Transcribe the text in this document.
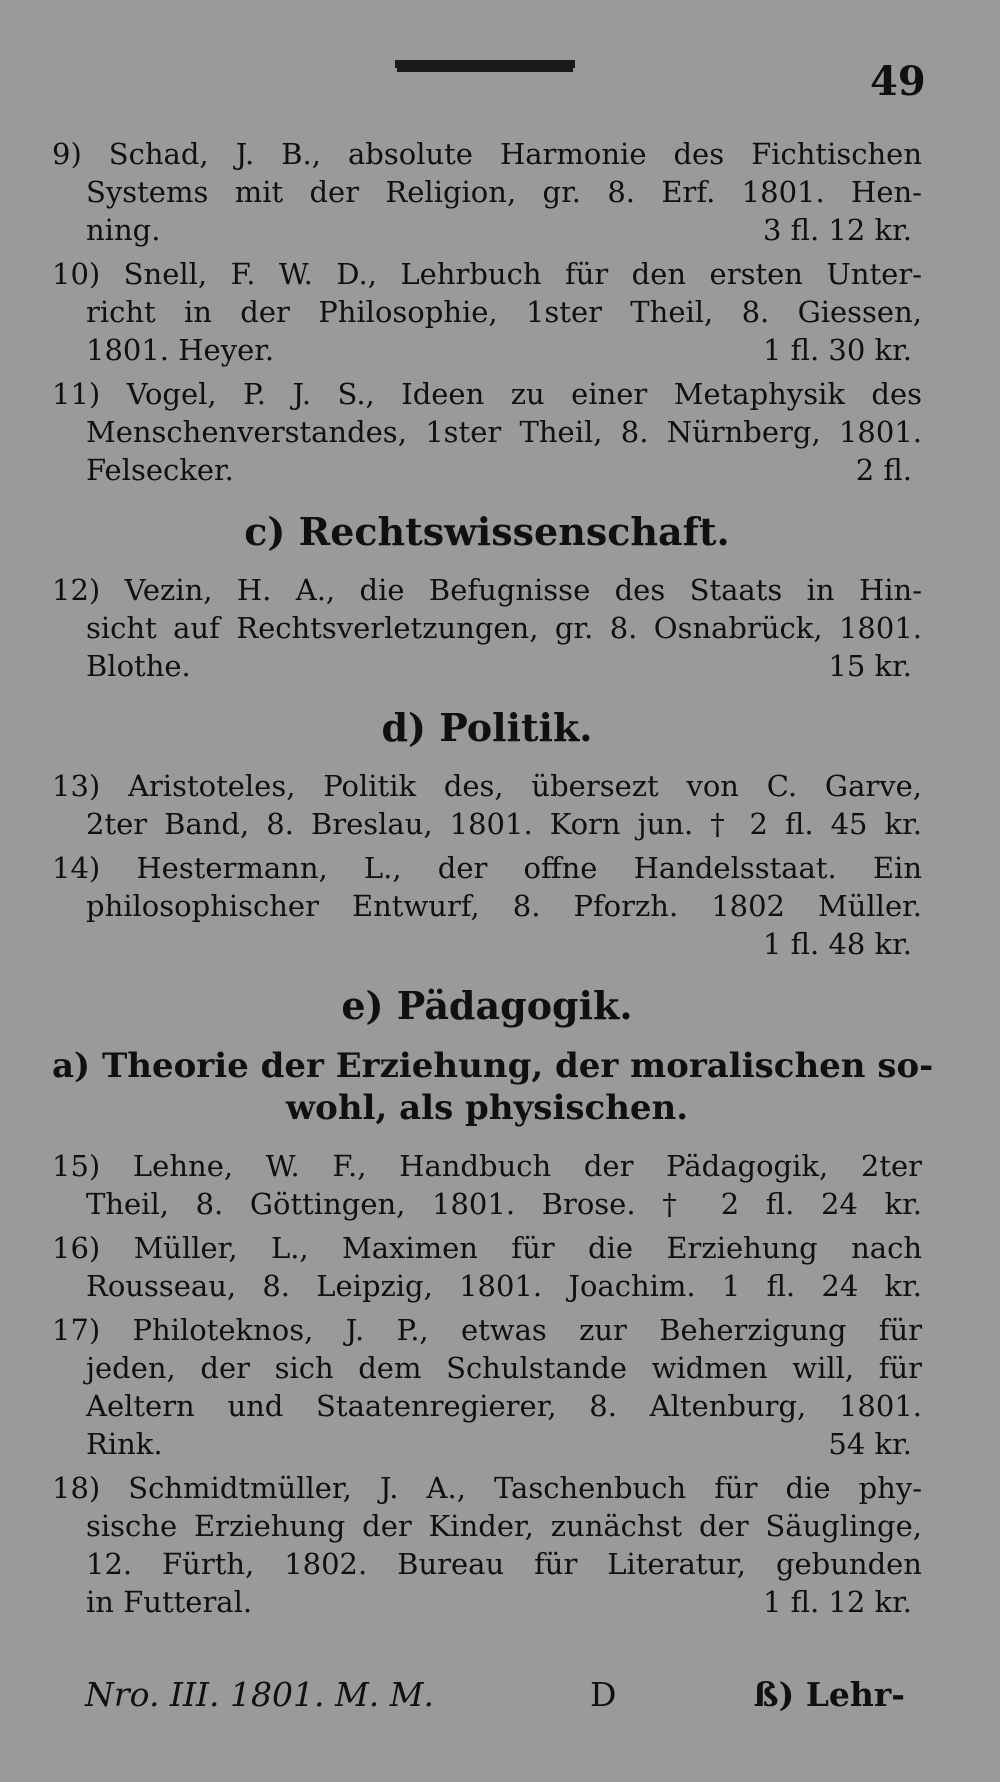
49
9) Schad, J. B., absolute Harmonie des Fichtischen
Systems mit der Religion, gr. 8. Erf. 1801. Hen-
ning.	3 fl. 12 kr.
10) Snell, F. W. D., Lehrbuch für den ersten Unter-
richt in der Philosophie, 1ster Theil, 8. Giessen,
1801. Heyer.	1 fl. 30 kr.
11) Vogel, P. J. S., Ideen zu einer Metaphysik des
Menschenverstandes, 1ster Theil, 8. Nürnberg, 1801.
Felsecker.	2 fl.
c) Rechtswissenschaft.
12) Vezin, H. A., die Befugnisse des Staats in Hin-
sicht auf Rechtsverletzungen, gr. 8. Osnabrück, 1801.
Blothe.	15 kr.
d) Politik.
13) Aristoteles, Politik des, übersezt von C. Garve,
2ter Band, 8. Breslau, 1801. Korn jun. † 2 fl. 45 kr.
14) Hestermann, L., der offne Handelsstaat. Ein
philosophischer Entwurf, 8. Pforzh. 1802 Müller.
1 fl. 48 kr.
e) Pädagogik.
a) Theorie der Erziehung, der moralischen so-
wohl, als physischen.
15) Lehne, W. F., Handbuch der Pädagogik, 2ter
Theil, 8. Göttingen, 1801. Brose. † 2 fl. 24 kr.
16) Müller, L., Maximen für die Erziehung nach
Rousseau, 8. Leipzig, 1801. Joachim. 1 fl. 24 kr.
17) Philoteknos, J. P., etwas zur Beherzigung für
jeden, der sich dem Schulstande widmen will, für
Aeltern und Staatenregierer, 8. Altenburg, 1801.
Rink.	54 kr.
18) Schmidtmüller, J. A., Taschenbuch für die phy-
sische Erziehung der Kinder, zunächst der Säuglinge,
12. Fürth, 1802. Bureau für Literatur, gebunden
in Futteral.	1 fl. 12 kr.
Nro. III. 1801. M. M.	D	ß) Lehr-
